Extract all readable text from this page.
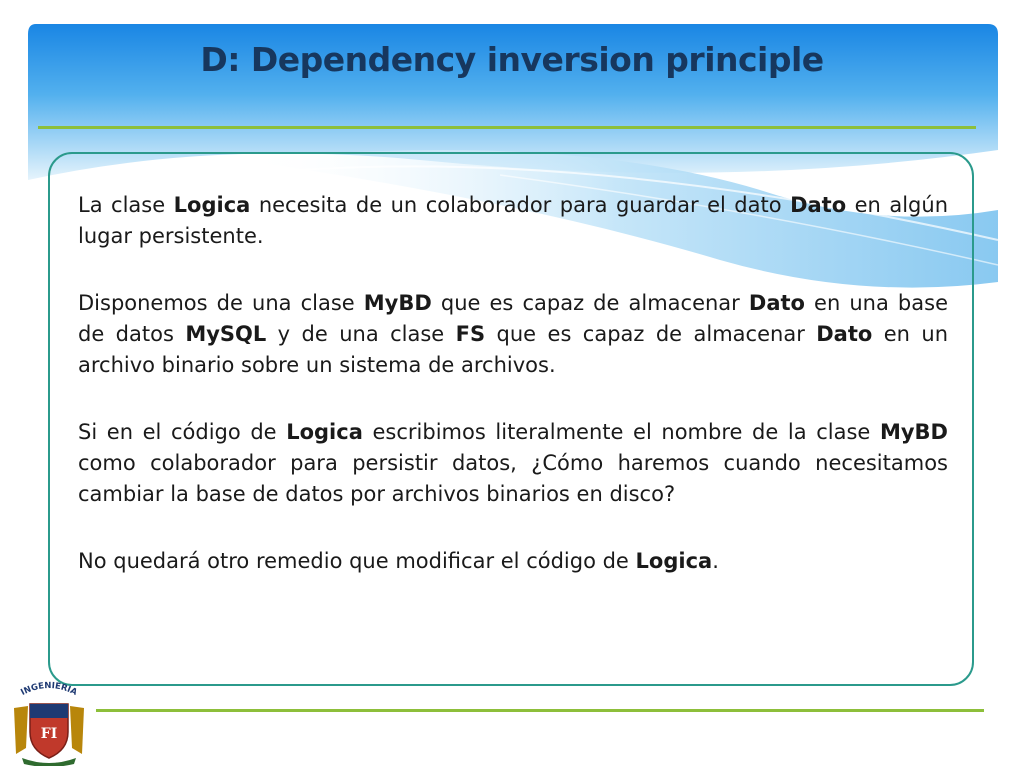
D: Dependency inversion principle

La clase Logica necesita de un colaborador para guardar el dato Dato en algún lugar persistente.

Disponemos de una clase MyBD que es capaz de almacenar Dato en una base de datos MySQL y de una clase FS que es capaz de almacenar Dato en un archivo binario sobre un sistema de archivos.

Si en el código de Logica escribimos literalmente el nombre de la clase MyBD como colaborador para persistir datos, ¿Cómo haremos cuando necesitamos cambiar la base de datos por archivos binarios en disco?

No quedará otro remedio que modificar el código de Logica.

INGENIERIA
FI
